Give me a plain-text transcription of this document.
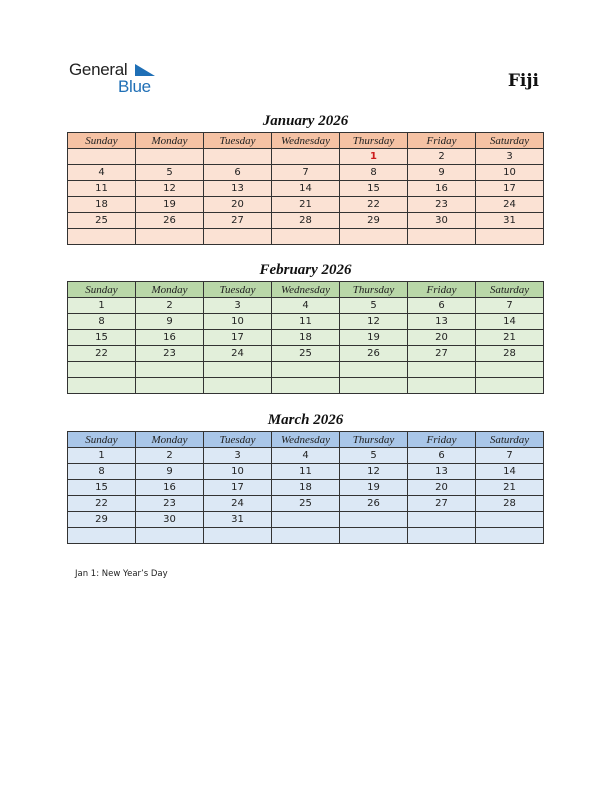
General
Blue	Fiji
January 2026
Sunday	Monday	Tuesday	Wednesday	Thursday	Friday	Saturday
				1	2	3
4	5	6	7	8	9	10
11	12	13	14	15	16	17
18	19	20	21	22	23	24
25	26	27	28	29	30	31

February 2026
Sunday	Monday	Tuesday	Wednesday	Thursday	Friday	Saturday
1	2	3	4	5	6	7
8	9	10	11	12	13	14
15	16	17	18	19	20	21
22	23	24	25	26	27	28

March 2026
Sunday	Monday	Tuesday	Wednesday	Thursday	Friday	Saturday
1	2	3	4	5	6	7
8	9	10	11	12	13	14
15	16	17	18	19	20	21
22	23	24	25	26	27	28
29	30	31				

Jan 1: New Year’s Day
